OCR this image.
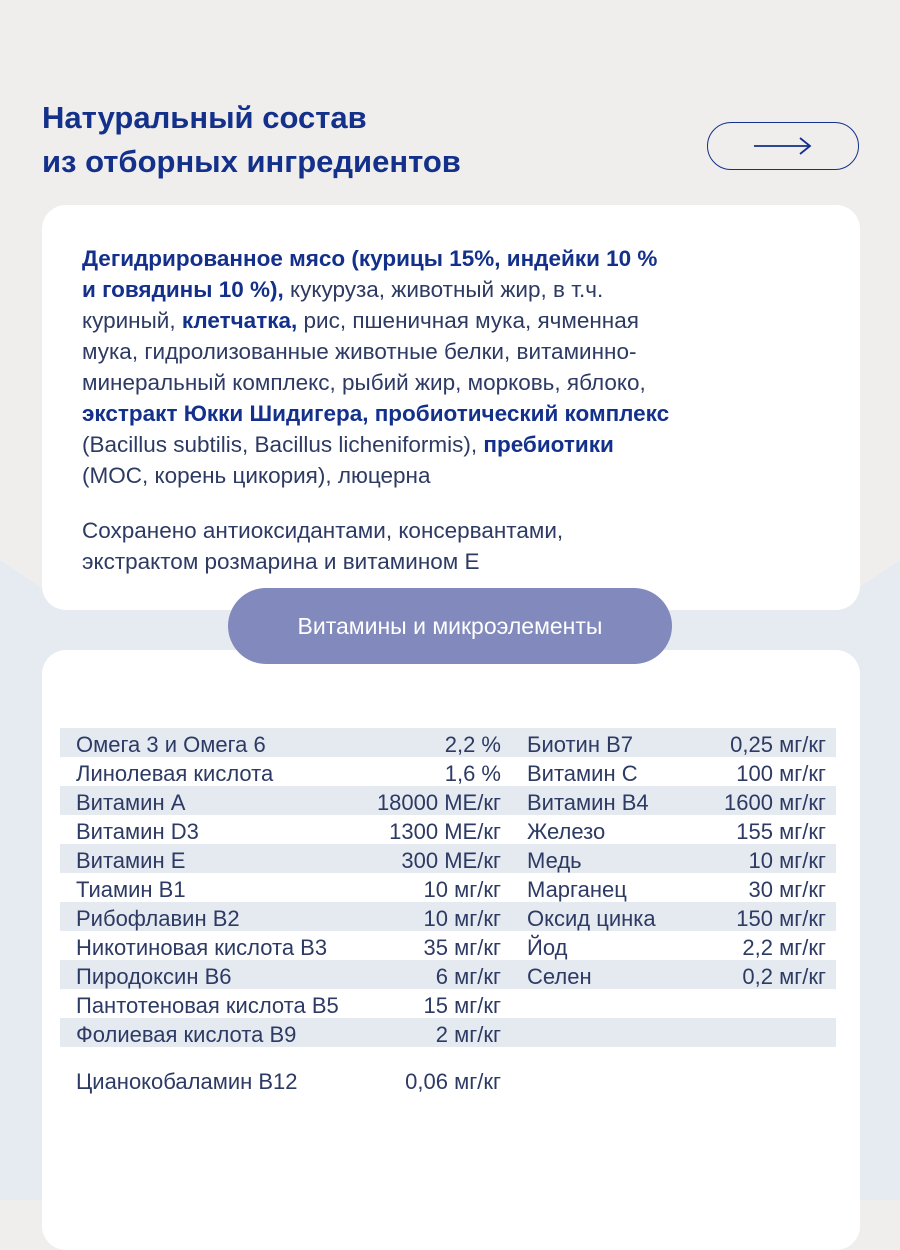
Натуральный состав
из отборных ингредиентов

Дегидрированное мясо (курицы 15%, индейки 10 %
и говядины 10 %), кукуруза, животный жир, в т.ч.
куриный, клетчатка, рис, пшеничная мука, ячменная
мука, гидролизованные животные белки, витаминно-
минеральный комплекс, рыбий жир, морковь, яблоко,
экстракт Юкки Шидигера, пробиотический комплекс
(Bacillus subtilis, Bacillus licheniformis), пребиотики
(МОС, корень цикория), люцерна

Сохранено антиоксидантами, консервантами,
экстрактом розмарина и витамином Е

Витамины и микроэлементы
Омега 3 и Омега 6	2,2 % Биотин В7	0,25 мг/кг
Линолевая кислота	1,6 % Витамин С	100 мг/кг
Витамин А	18000 МЕ/кг Витамин В4	1600 мг/кг
Витамин D3	1300 МЕ/кг Железо	155 мг/кг
Витамин Е	300 МЕ/кг Медь	10 мг/кг
Тиамин В1	10 мг/кг Марганец	30 мг/кг
Рибофлавин В2	10 мг/кг Оксид цинка	150 мг/кг
Никотиновая кислота В3	35 мг/кг Йод	2,2 мг/кг
Пиродоксин В6	6 мг/кг Селен	0,2 мг/кг
Пантотеновая кислота В5	15 мг/кг
Фолиевая кислота В9	2 мг/кг
Цианокобаламин В12	0,06 мг/кг
